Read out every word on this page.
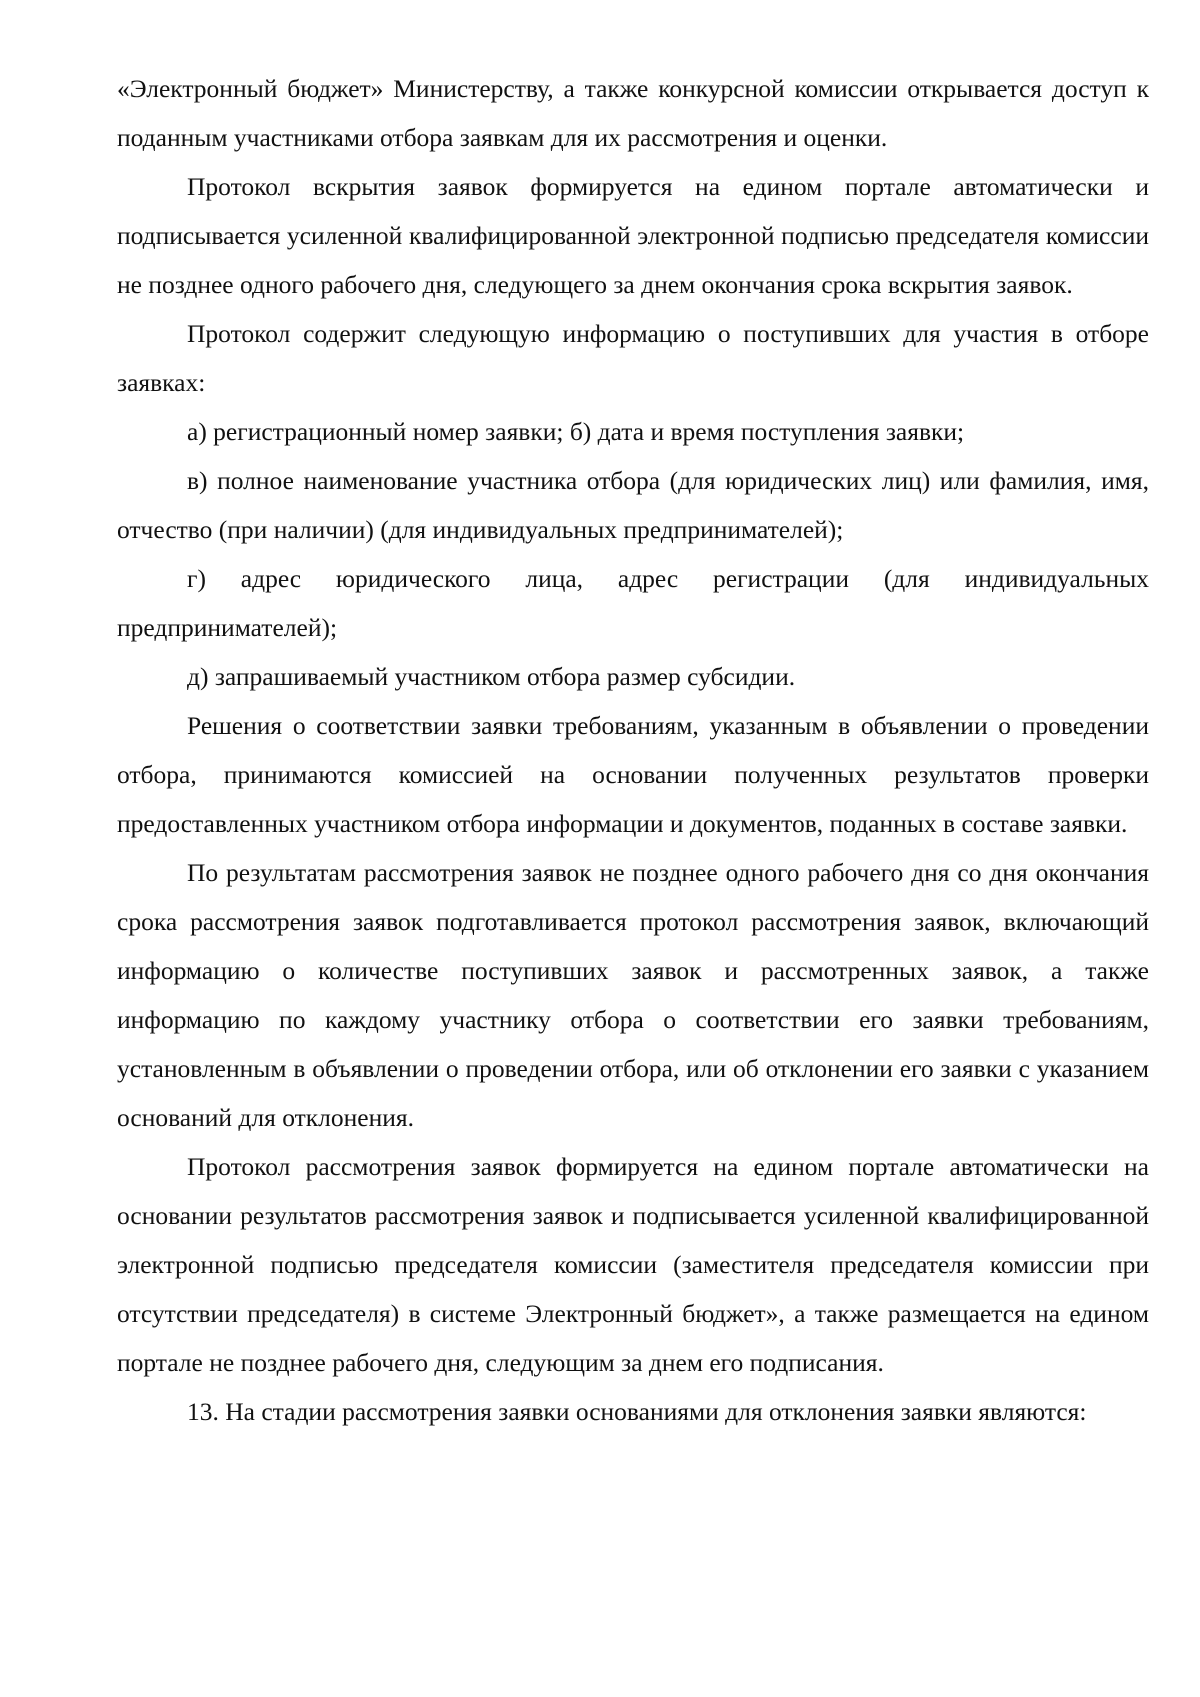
«Электронный бюджет» Министерству, а также конкурсной комиссии открывается доступ к поданным участниками отбора заявкам для их рассмотрения и оценки.

Протокол вскрытия заявок формируется на едином портале автоматически и подписывается усиленной квалифицированной электронной подписью председателя комиссии не позднее одного рабочего дня, следующего за днем окончания срока вскрытия заявок.

Протокол содержит следующую информацию о поступивших для участия в отборе заявках:

а) регистрационный номер заявки; б) дата и время поступления заявки;

в) полное наименование участника отбора (для юридических лиц) или фамилия, имя, отчество (при наличии) (для индивидуальных предпринимателей);

г) адрес юридического лица, адрес регистрации (для индивидуальных предпринимателей);

д) запрашиваемый участником отбора размер субсидии.

Решения о соответствии заявки требованиям, указанным в объявлении о проведении отбора, принимаются комиссией на основании полученных результатов проверки предоставленных участником отбора информации и документов, поданных в составе заявки.

По результатам рассмотрения заявок не позднее одного рабочего дня со дня окончания срока рассмотрения заявок подготавливается протокол рассмотрения заявок, включающий информацию о количестве поступивших заявок и рассмотренных заявок, а также информацию по каждому участнику отбора о соответствии его заявки требованиям, установленным в объявлении о проведении отбора, или об отклонении его заявки с указанием оснований для отклонения.

Протокол рассмотрения заявок формируется на едином портале автоматически на основании результатов рассмотрения заявок и подписывается усиленной квалифицированной электронной подписью председателя комиссии (заместителя председателя комиссии при отсутствии председателя) в системе Электронный бюджет», а также размещается на едином портале не позднее рабочего дня, следующим за днем его подписания.

13. На стадии рассмотрения заявки основаниями для отклонения заявки являются:
